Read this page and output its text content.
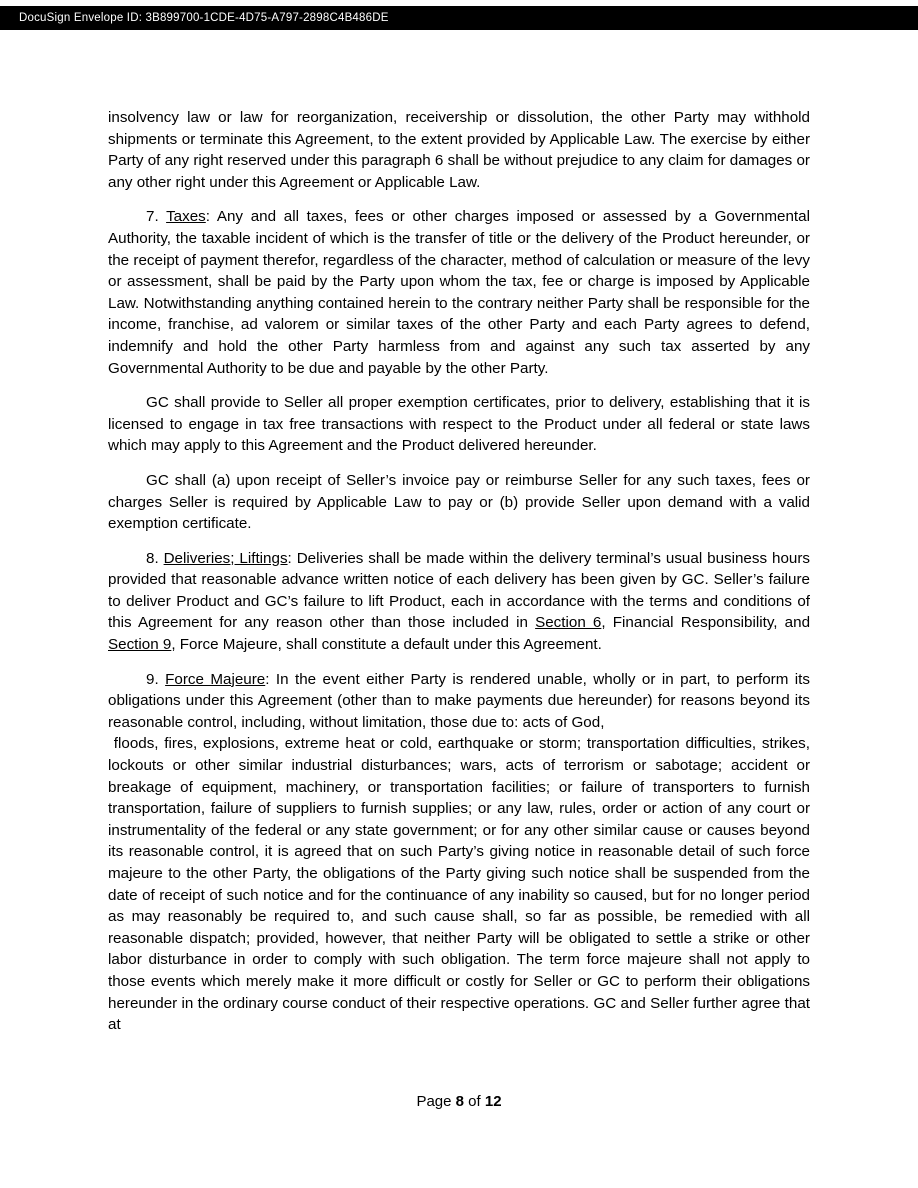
DocuSign Envelope ID: 3B899700-1CDE-4D75-A797-2898C4B486DE

insolvency law or law for reorganization, receivership or dissolution, the other Party may withhold shipments or terminate this Agreement, to the extent provided by Applicable Law. The exercise by either Party of any right reserved under this paragraph 6 shall be without prejudice to any claim for damages or any other right under this Agreement or Applicable Law.

7. Taxes: Any and all taxes, fees or other charges imposed or assessed by a Governmental Authority, the taxable incident of which is the transfer of title or the delivery of the Product hereunder, or the receipt of payment therefor, regardless of the character, method of calculation or measure of the levy or assessment, shall be paid by the Party upon whom the tax, fee or charge is imposed by Applicable Law. Notwithstanding anything contained herein to the contrary neither Party shall be responsible for the income, franchise, ad valorem or similar taxes of the other Party and each Party agrees to defend, indemnify and hold the other Party harmless from and against any such tax asserted by any Governmental Authority to be due and payable by the other Party.

GC shall provide to Seller all proper exemption certificates, prior to delivery, establishing that it is licensed to engage in tax free transactions with respect to the Product under all federal or state laws which may apply to this Agreement and the Product delivered hereunder.

GC shall (a) upon receipt of Seller’s invoice pay or reimburse Seller for any such taxes, fees or charges Seller is required by Applicable Law to pay or (b) provide Seller upon demand with a valid exemption certificate.

8. Deliveries; Liftings: Deliveries shall be made within the delivery terminal’s usual business hours provided that reasonable advance written notice of each delivery has been given by GC. Seller’s failure to deliver Product and GC’s failure to lift Product, each in accordance with the terms and conditions of this Agreement for any reason other than those included in Section 6, Financial Responsibility, and Section 9, Force Majeure, shall constitute a default under this Agreement.

9. Force Majeure: In the event either Party is rendered unable, wholly or in part, to perform its obligations under this Agreement (other than to make payments due hereunder) for reasons beyond its reasonable control, including, without limitation, those due to: acts of God,
floods, fires, explosions, extreme heat or cold, earthquake or storm; transportation difficulties, strikes, lockouts or other similar industrial disturbances; wars, acts of terrorism or sabotage; accident or breakage of equipment, machinery, or transportation facilities; or failure of transporters to furnish transportation, failure of suppliers to furnish supplies; or any law, rules, order or action of any court or instrumentality of the federal or any state government; or for any other similar cause or causes beyond its reasonable control, it is agreed that on such Party’s giving notice in reasonable detail of such force majeure to the other Party, the obligations of the Party giving such notice shall be suspended from the date of receipt of such notice and for the continuance of any inability so caused, but for no longer period as may reasonably be required to, and such cause shall, so far as possible, be remedied with all reasonable dispatch; provided, however, that neither Party will be obligated to settle a strike or other labor disturbance in order to comply with such obligation. The term force majeure shall not apply to those events which merely make it more difficult or costly for Seller or GC to perform their obligations hereunder in the ordinary course conduct of their respective operations. GC and Seller further agree that at

Page 8 of 12
